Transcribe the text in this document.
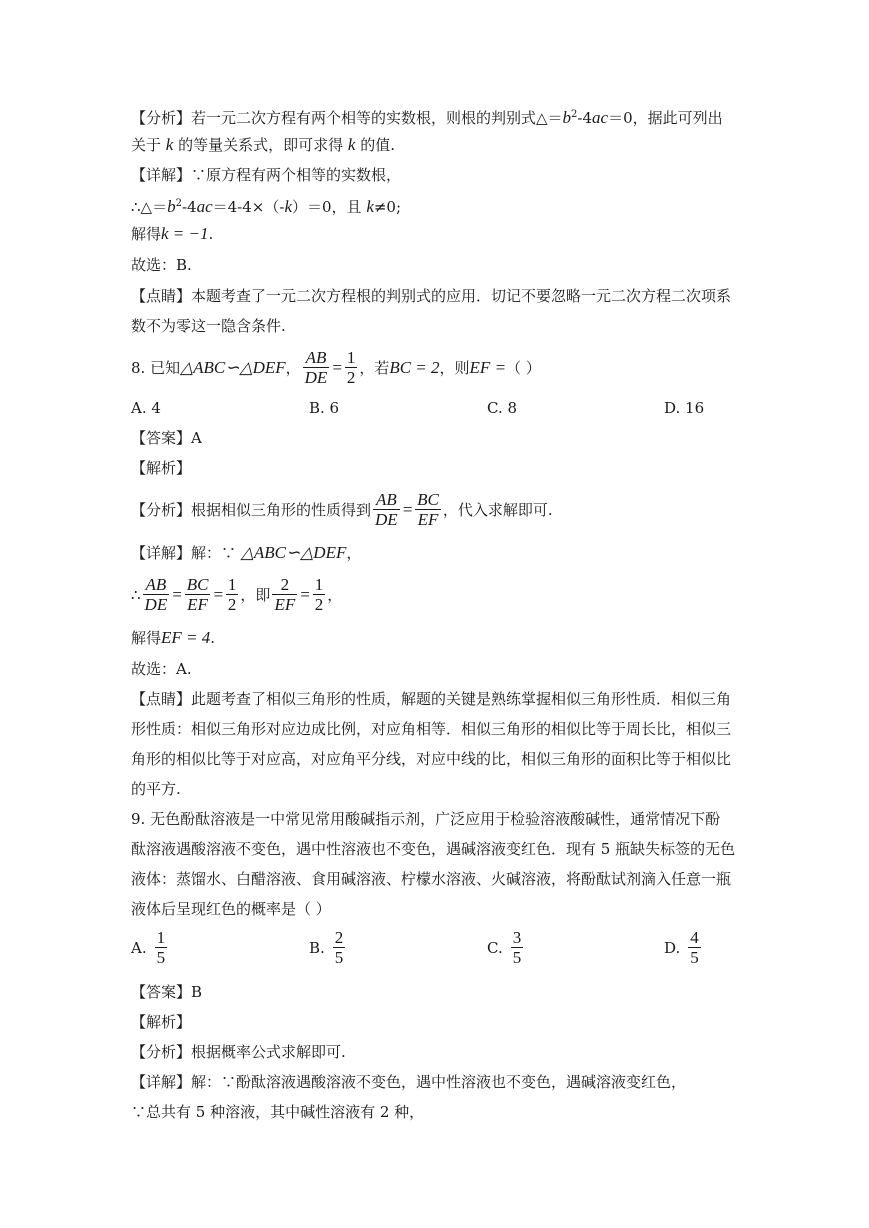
【分析】若一元二次方程有两个相等的实数根，则根的判别式$\triangle=b^2-4ac=0$，据此可列出
关于 k 的等量关系式，即可求得 k 的值.
【详解】∵原方程有两个相等的实数根，
$\therefore\triangle=b^2-4ac=4-4\times(-k)=0$，且 k≠0;
解得k = −1.
故选：B.
【点睛】本题考查了一元二次方程根的判别式的应用．切记不要忽略一元二次方程二次项系
数不为零这一隐含条件.
8. 已知 △ABC∽△DEF ， $\frac{AB}{DE} = \frac{1}{2}$ ，若 BC = 2 ，则 EF = （ ）
A. 4	B. 6	C. 8	D. 16
【答案】A
【解析】
【分析】根据相似三角形的性质得到 $\frac{AB}{DE} = \frac{BC}{EF}$ ，代入求解即可.
【详解】解：∵ △ABC∽△DEF，
∴ $\frac{AB}{DE} = \frac{BC}{EF} = \frac{1}{2}$ ，即 $\frac{2}{EF} = \frac{1}{2}$ ，
解得EF = 4.
故选：A.
【点睛】此题考查了相似三角形的性质，解题的关键是熟练掌握相似三角形性质．相似三角
形性质：相似三角形对应边成比例，对应角相等．相似三角形的相似比等于周长比，相似三
角形的相似比等于对应高，对应角平分线，对应中线的比，相似三角形的面积比等于相似比
的平方.
9. 无色酚酞溶液是一中常见常用酸碱指示剂，广泛应用于检验溶液酸碱性，通常情况下酚
酞溶液遇酸溶液不变色，遇中性溶液也不变色，遇碱溶液变红色．现有 5 瓶缺失标签的无色
液体：蒸馏水、白醋溶液、食用碱溶液、柠檬水溶液、火碱溶液，将酚酞试剂滴入任意一瓶
液体后呈现红色的概率是（ ）
A.
1
5
B.
2
5
C.
3
5
D.
4
5
【答案】B
【解析】
【分析】根据概率公式求解即可.
【详解】解：∵酚酞溶液遇酸溶液不变色，遇中性溶液也不变色，遇碱溶液变红色，
∵总共有 5 种溶液，其中碱性溶液有 2 种，
